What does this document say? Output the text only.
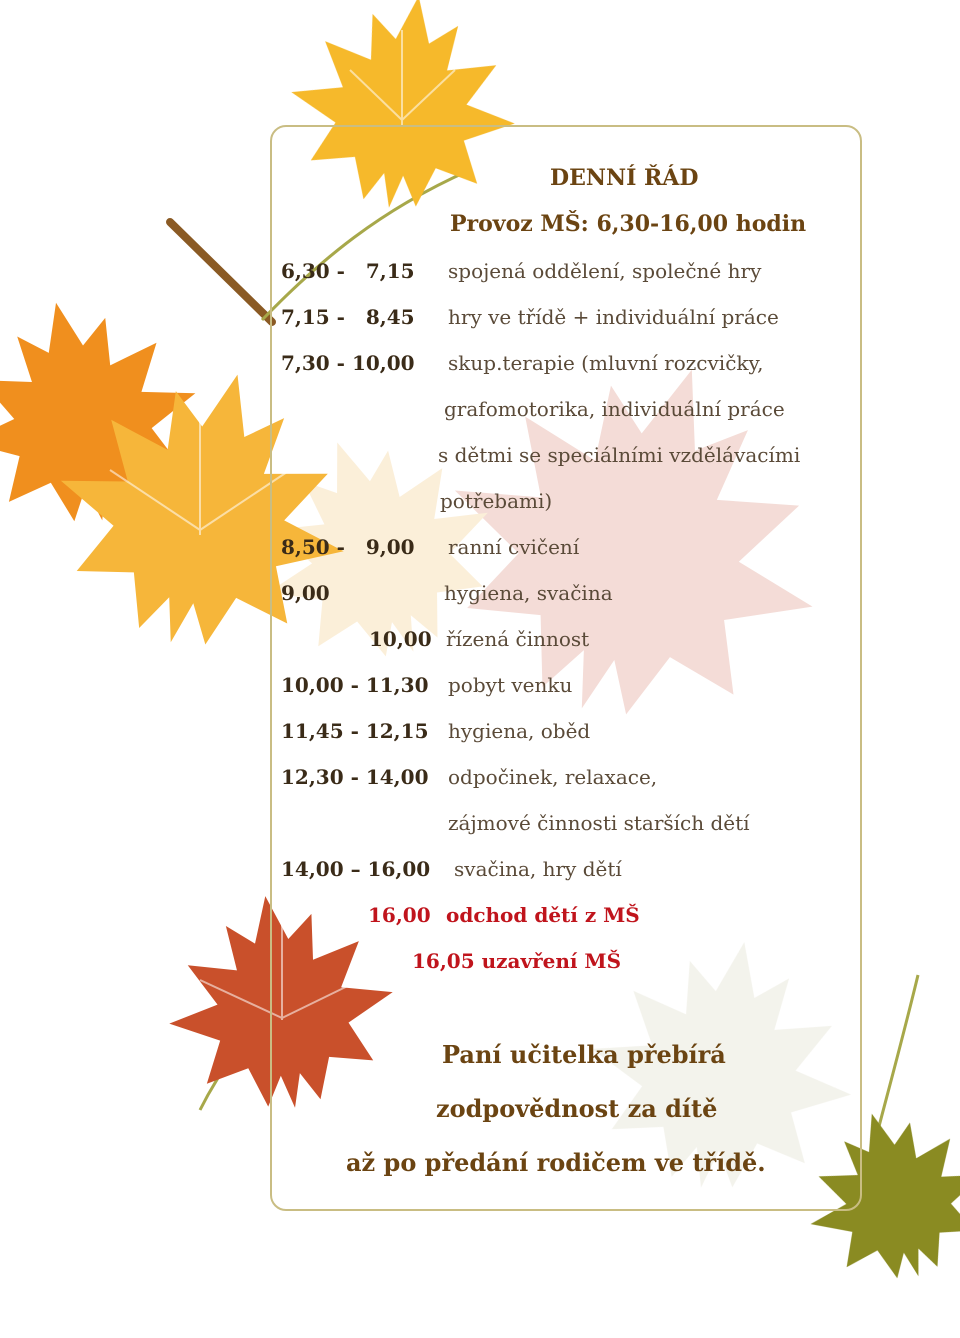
DENNÍ ŘÁD
Provoz MŠ: 6,30-16,00 hodin
6,30 -   7,15 spojená oddělení, společné hry
7,15 -   8,45 hry ve třídě + individuální práce
7,30 - 10,00 skup.terapie (mluvní rozcvičky,
grafomotorika, individuální práce
s dětmi se speciálními vzdělávacími
potřebami)
8,50 -   9,00 ranní cvičení
9,00	hygiena, svačina
10,00 řízená činnost
10,00 - 11,30 pobyt venku
11,45 - 12,15 hygiena, oběd
12,30 - 14,00 odpočinek, relaxace,
zájmové činnosti starších dětí
14,00 – 16,00 svačina, hry dětí
16,00 odchod dětí z MŠ
16,05 uzavření MŠ
Paní učitelka přebírá
zodpovědnost za dítě
až po předání rodičem ve třídě.
